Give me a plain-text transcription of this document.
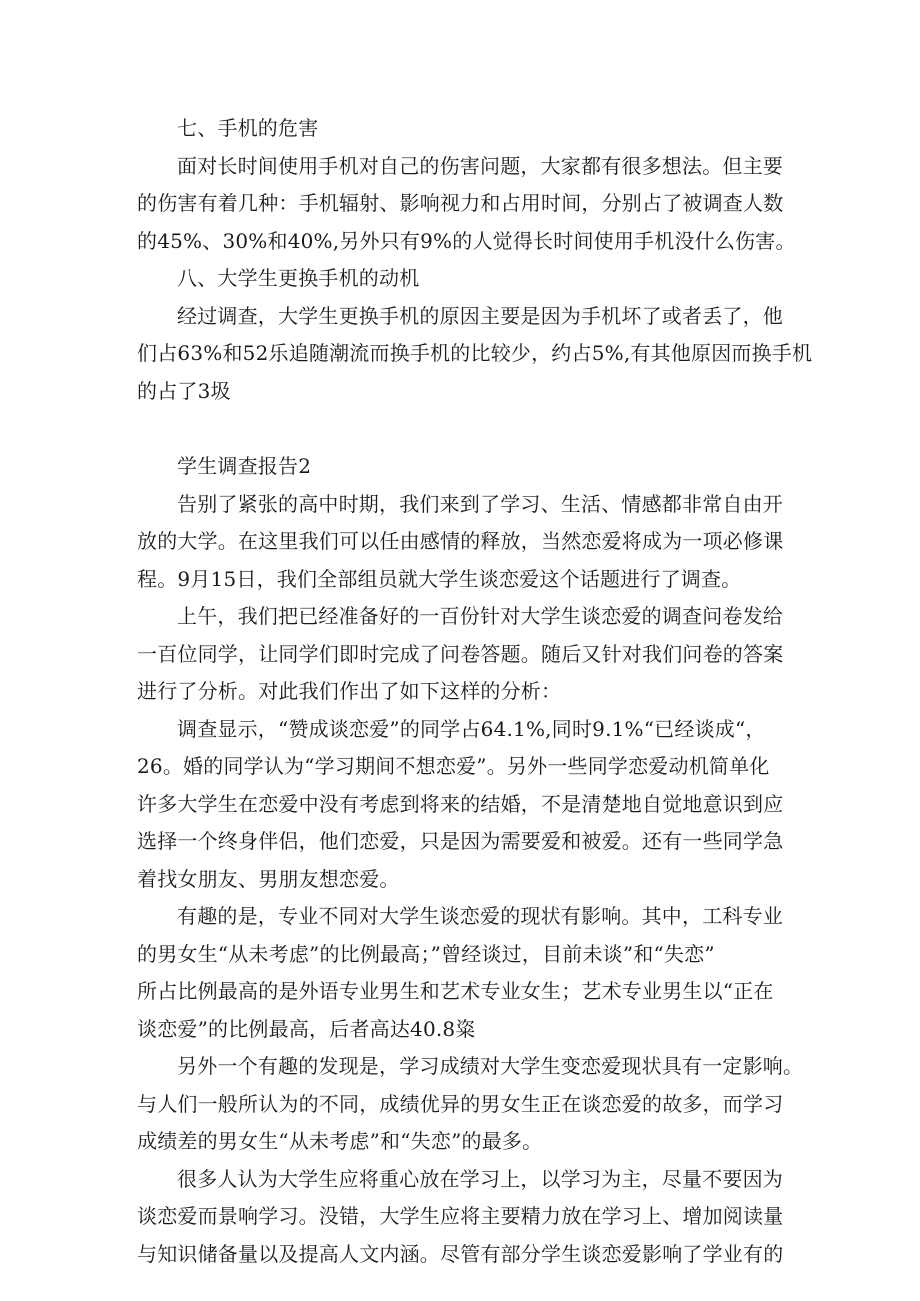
七、手机的危害
面对长时间使用手机对自己的伤害问题，大家都有很多想法。但主要
的伤害有着几种：手机辐射、影响视力和占用时间，分别占了被调查人数
的45%、30%和40%,另外只有9%的人觉得长时间使用手机没什么伤害。
八、大学生更换手机的动机
经过调查，大学生更换手机的原因主要是因为手机坏了或者丢了，他
们占63%和52乐追随潮流而换手机的比较少，约占5%,有其他原因而换手机
的占了3圾
学生调查报告2
告别了紧张的高中时期，我们来到了学习、生活、情感都非常自由开
放的大学。在这里我们可以任由感情的释放，当然恋爱将成为一项必修课
程。9月15日，我们全部组员就大学生谈恋爱这个话题进行了调查。
上午，我们把已经准备好的一百份针对大学生谈恋爱的调查问卷发给
一百位同学，让同学们即时完成了问卷答题。随后又针对我们问卷的答案
进行了分析。对此我们作出了如下这样的分析：
调查显示，“赞成谈恋爱”的同学占64.1%,同时9.1%“已经谈成“，
26。婚的同学认为“学习期间不想恋爱”。另外一些同学恋爱动机简单化
许多大学生在恋爱中没有考虑到将来的结婚，不是清楚地自觉地意识到应
选择一个终身伴侣，他们恋爱，只是因为需要爱和被爱。还有一些同学急
着找女朋友、男朋友想恋爱。
有趣的是，专业不同对大学生谈恋爱的现状有影响。其中，工科专业
的男女生“从未考虑”的比例最高；”曾经谈过，目前未谈”和“失恋”
所占比例最高的是外语专业男生和艺术专业女生；艺术专业男生以“正在
谈恋爱”的比例最高，后者高达40.8粢
另外一个有趣的发现是，学习成绩对大学生变恋爱现状具有一定影响。
与人们一般所认为的不同，成绩优异的男女生正在谈恋爱的故多，而学习
成绩差的男女生“从未考虑”和“失恋”的最多。
很多人认为大学生应将重心放在学习上，以学习为主，尽量不要因为
谈恋爱而景响学习。没错，大学生应将主要精力放在学习上、增加阅读量
与知识储备量以及提高人文内涵。尽管有部分学生谈恋爱影响了学业有的
